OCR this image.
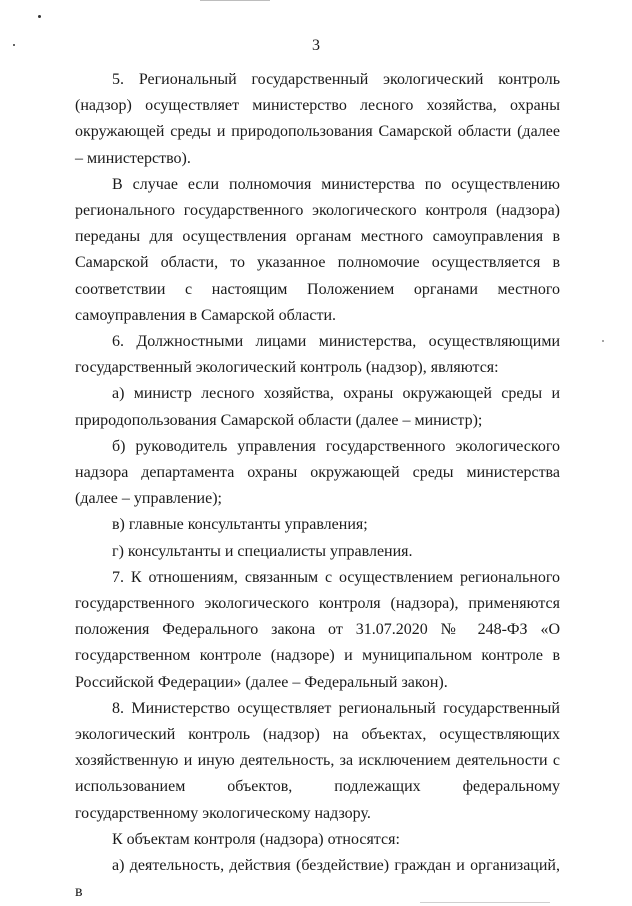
3

5. Региональный государственный экологический контроль (надзор) осуществляет министерство лесного хозяйства, охраны окружающей среды и природопользования Самарской области (далее – министерство).

В случае если полномочия министерства по осуществлению регионального государственного экологического контроля (надзора) переданы для осуществления органам местного самоуправления в Самарской области, то указанное полномочие осуществляется в соответствии с настоящим Положением органами местного самоуправления в Самарской области.

6. Должностными лицами министерства, осуществляющими государственный экологический контроль (надзор), являются:

а) министр лесного хозяйства, охраны окружающей среды и природопользования Самарской области (далее – министр);

б) руководитель управления государственного экологического надзора департамента охраны окружающей среды министерства (далее – управление);

в) главные консультанты управления;

г) консультанты и специалисты управления.

7. К отношениям, связанным с осуществлением регионального государственного экологического контроля (надзора), применяются положения Федерального закона от 31.07.2020 № 248-ФЗ «О государственном контроле (надзоре) и муниципальном контроле в Российской Федерации» (далее – Федеральный закон).

8. Министерство осуществляет региональный государственный экологический контроль (надзор) на объектах, осуществляющих хозяйственную и иную деятельность, за исключением деятельности с использованием объектов, подлежащих федеральному государственному экологическому надзору.

К объектам контроля (надзора) относятся:

а) деятельность, действия (бездействие) граждан и организаций, в
